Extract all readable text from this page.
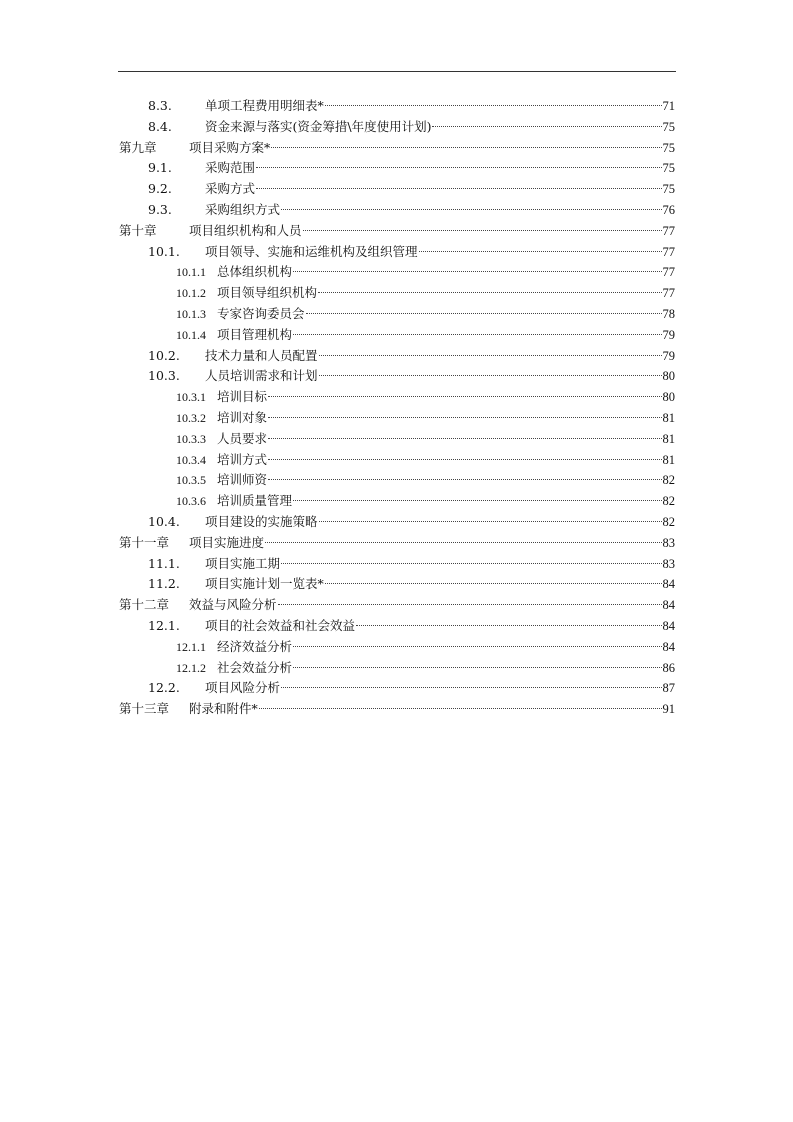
8.3.	单项工程费用明细表*	71
8.4.	资金来源与落实(资金筹措\年度使用计划)	75
第九章	项目采购方案*	75
9.1.	采购范围	75
9.2.	采购方式	75
9.3.	采购组织方式	76
第十章	项目组织机构和人员	77
10.1.	项目领导、实施和运维机构及组织管理	77
10.1.1 总体组织机构	77
10.1.2 项目领导组织机构	77
10.1.3 专家咨询委员会	78
10.1.4 项目管理机构	79
10.2.	技术力量和人员配置	79
10.3.	人员培训需求和计划	80
10.3.1 培训目标	80
10.3.2 培训对象	81
10.3.3 人员要求	81
10.3.4 培训方式	81
10.3.5 培训师资	82
10.3.6 培训质量管理	82
10.4.	项目建设的实施策略	82
第十一章	项目实施进度	83
11.1.	项目实施工期	83
11.2.	项目实施计划一览表*	84
第十二章	效益与风险分析	84
12.1.	项目的社会效益和社会效益	84
12.1.1 经济效益分析	84
12.1.2 社会效益分析	86
12.2.	项目风险分析	87
第十三章	附录和附件*	91
